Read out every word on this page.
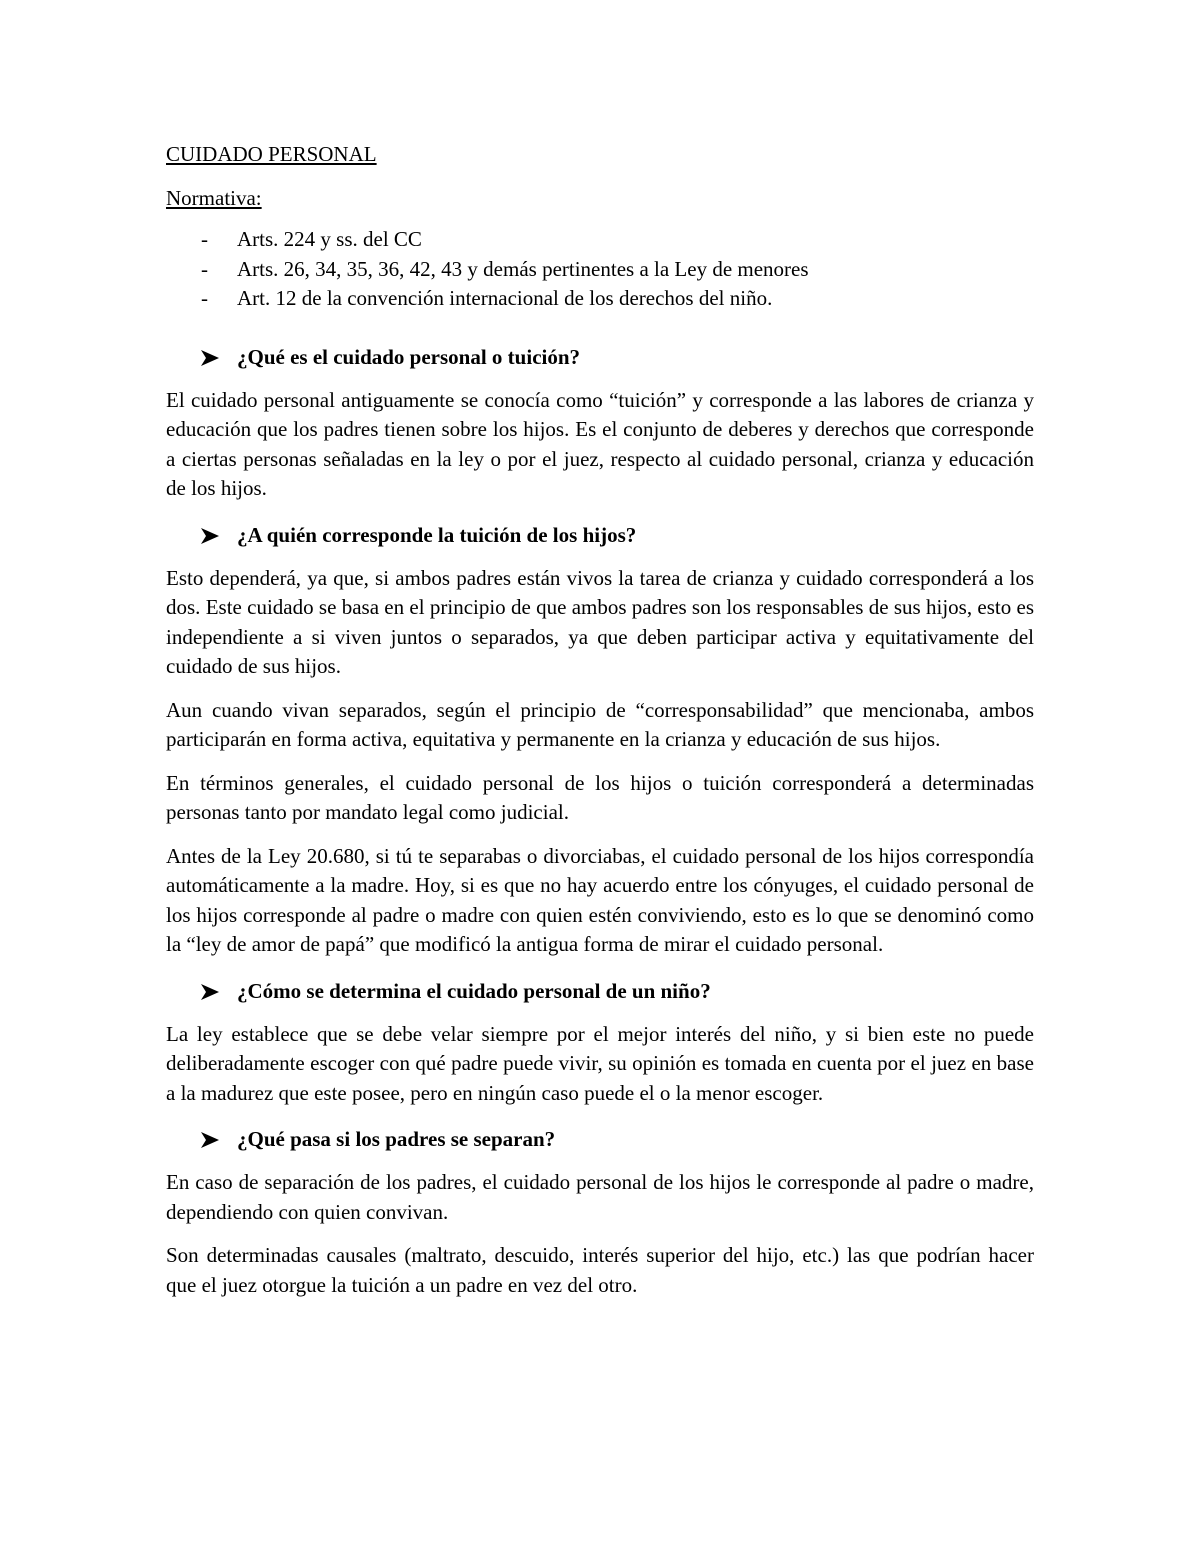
CUIDADO PERSONAL
Normativa:
- Arts. 224 y ss. del CC
- Arts. 26, 34, 35, 36, 42, 43 y demás pertinentes a la Ley de menores
- Art. 12 de la convención internacional de los derechos del niño.
¿Qué es el cuidado personal o tuición?

El cuidado personal antiguamente se conocía como “tuición” y corresponde a las labores de crianza y educación que los padres tienen sobre los hijos. Es el conjunto de deberes y derechos que corresponde a ciertas personas señaladas en la ley o por el juez, respecto al cuidado personal, crianza y educación de los hijos.

¿A quién corresponde la tuición de los hijos?

Esto dependerá, ya que, si ambos padres están vivos la tarea de crianza y cuidado corresponderá a los dos. Este cuidado se basa en el principio de que ambos padres son los responsables de sus hijos, esto es independiente a si viven juntos o separados, ya que deben participar activa y equitativamente del cuidado de sus hijos.

Aun cuando vivan separados, según el principio de “corresponsabilidad” que mencionaba, ambos participarán en forma activa, equitativa y permanente en la crianza y educación de sus hijos.

En términos generales, el cuidado personal de los hijos o tuición corresponderá a determinadas personas tanto por mandato legal como judicial.

Antes de la Ley 20.680, si tú te separabas o divorciabas, el cuidado personal de los hijos correspondía automáticamente a la madre. Hoy, si es que no hay acuerdo entre los cónyuges, el cuidado personal de los hijos corresponde al padre o madre con quien estén conviviendo, esto es lo que se denominó como la “ley de amor de papá” que modificó la antigua forma de mirar el cuidado personal.

¿Cómo se determina el cuidado personal de un niño?

La ley establece que se debe velar siempre por el mejor interés del niño, y si bien este no puede deliberadamente escoger con qué padre puede vivir, su opinión es tomada en cuenta por el juez en base a la madurez que este posee, pero en ningún caso puede el o la menor escoger.

¿Qué pasa si los padres se separan?

En caso de separación de los padres, el cuidado personal de los hijos le corresponde al padre o madre, dependiendo con quien convivan.

Son determinadas causales (maltrato, descuido, interés superior del hijo, etc.) las que podrían hacer que el juez otorgue la tuición a un padre en vez del otro.
